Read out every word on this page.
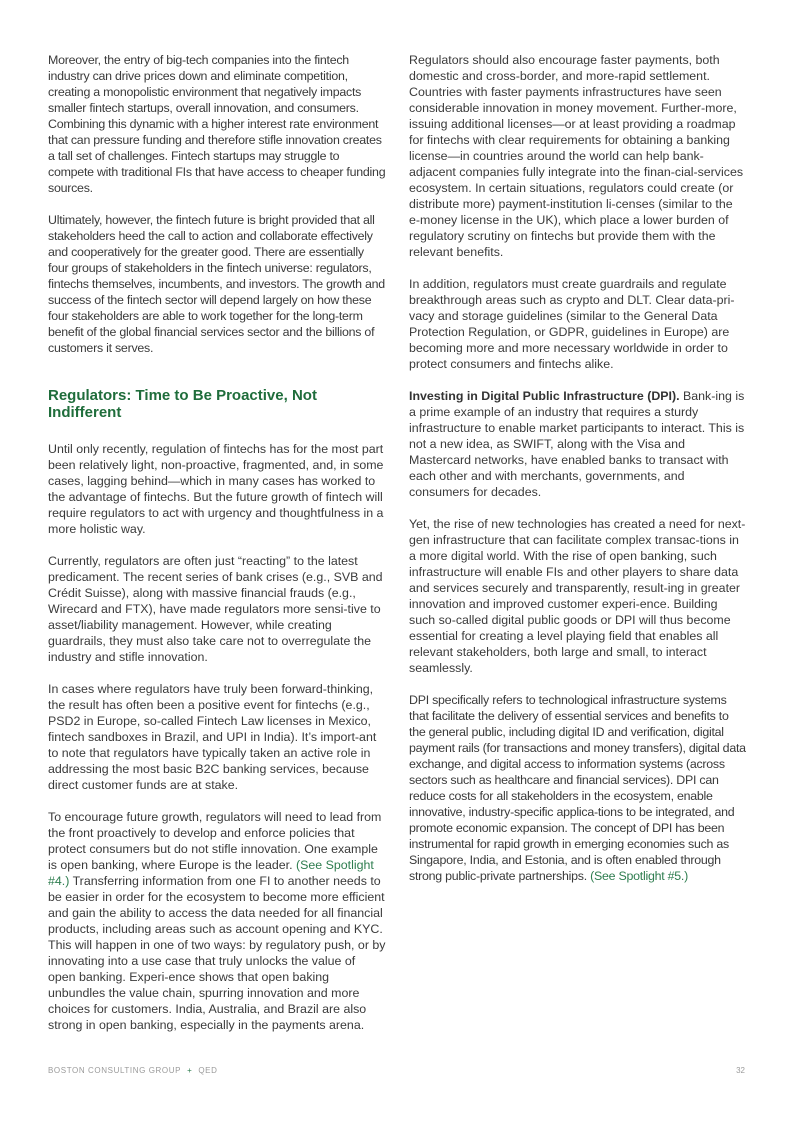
Moreover, the entry of big-tech companies into the fintech industry can drive prices down and eliminate competition, creating a monopolistic environment that negatively impacts smaller fintech startups, overall innovation, and consumers. Combining this dynamic with a higher interest rate environment that can pressure funding and therefore stifle innovation creates a tall set of challenges. Fintech startups may struggle to compete with traditional FIs that have access to cheaper funding sources.

Ultimately, however, the fintech future is bright provided that all stakeholders heed the call to action and collaborate effectively and cooperatively for the greater good. There are essentially four groups of stakeholders in the fintech universe: regulators, fintechs themselves, incumbents, and investors. The growth and success of the fintech sector will depend largely on how these four stakeholders are able to work together for the long-term benefit of the global financial services sector and the billions of customers it serves.

Regulators: Time to Be Proactive, Not Indifferent

Until only recently, regulation of fintechs has for the most part been relatively light, non-proactive, fragmented, and, in some cases, lagging behind—which in many cases has worked to the advantage of fintechs. But the future growth of fintech will require regulators to act with urgency and thoughtfulness in a more holistic way.

Currently, regulators are often just “reacting” to the latest predicament. The recent series of bank crises (e.g., SVB and Crédit Suisse), along with massive financial frauds (e.g., Wirecard and FTX), have made regulators more sensi-tive to asset/liability management. However, while creating guardrails, they must also take care not to overregulate the industry and stifle innovation.

In cases where regulators have truly been forward-thinking, the result has often been a positive event for fintechs (e.g., PSD2 in Europe, so-called Fintech Law licenses in Mexico, fintech sandboxes in Brazil, and UPI in India). It’s import-ant to note that regulators have typically taken an active role in addressing the most basic B2C banking services, because direct customer funds are at stake.

To encourage future growth, regulators will need to lead from the front proactively to develop and enforce policies that protect consumers but do not stifle innovation. One example is open banking, where Europe is the leader. (See Spotlight #4.) Transferring information from one FI to another needs to be easier in order for the ecosystem to become more efficient and gain the ability to access the data needed for all financial products, including areas such as account opening and KYC. This will happen in one of two ways: by regulatory push, or by innovating into a use case that truly unlocks the value of open banking. Experi-ence shows that open baking unbundles the value chain, spurring innovation and more choices for customers. India, Australia, and Brazil are also strong in open banking, especially in the payments arena.

Regulators should also encourage faster payments, both domestic and cross-border, and more-rapid settlement. Countries with faster payments infrastructures have seen considerable innovation in money movement. Further-more, issuing additional licenses—or at least providing a roadmap for fintechs with clear requirements for obtaining a banking license—in countries around the world can help bank-adjacent companies fully integrate into the finan-cial-services ecosystem. In certain situations, regulators could create (or distribute more) payment-institution li-censes (similar to the e-money license in the UK), which place a lower burden of regulatory scrutiny on fintechs but provide them with the relevant benefits.

In addition, regulators must create guardrails and regulate breakthrough areas such as crypto and DLT. Clear data-pri-vacy and storage guidelines (similar to the General Data Protection Regulation, or GDPR, guidelines in Europe) are becoming more and more necessary worldwide in order to protect consumers and fintechs alike.

Investing in Digital Public Infrastructure (DPI). Bank-ing is a prime example of an industry that requires a sturdy infrastructure to enable market participants to interact. This is not a new idea, as SWIFT, along with the Visa and Mastercard networks, have enabled banks to transact with each other and with merchants, governments, and consumers for decades.

Yet, the rise of new technologies has created a need for next-gen infrastructure that can facilitate complex transac-tions in a more digital world. With the rise of open banking, such infrastructure will enable FIs and other players to share data and services securely and transparently, result-ing in greater innovation and improved customer experi-ence. Building such so-called digital public goods or DPI will thus become essential for creating a level playing field that enables all relevant stakeholders, both large and small, to interact seamlessly.

DPI specifically refers to technological infrastructure systems that facilitate the delivery of essential services and benefits to the general public, including digital ID and verification, digital payment rails (for transactions and money transfers), digital data exchange, and digital access to information systems (across sectors such as healthcare and financial services). DPI can reduce costs for all stakeholders in the ecosystem, enable innovative, industry-specific applica-tions to be integrated, and promote economic expansion. The concept of DPI has been instrumental for rapid growth in emerging economies such as Singapore, India, and Estonia, and is often enabled through strong public-private partnerships. (See Spotlight #5.)

BOSTON CONSULTING GROUP + QED	32
